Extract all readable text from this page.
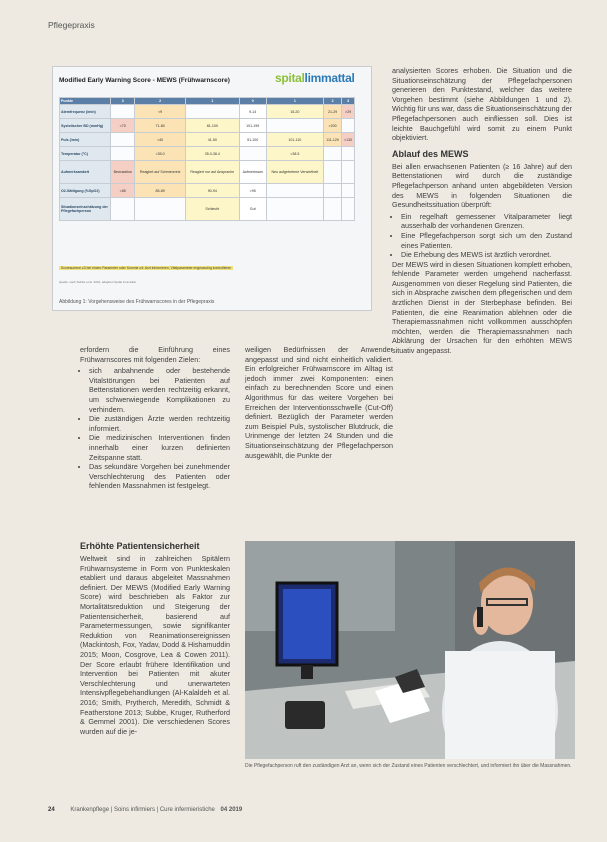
Pflegepraxis
Modified Early Warning Score - MEWS (Frühwarnscore)	spitallimmattal
Punkte	3	2	1	0	1	2	3
Atemfrequenz (/min)		<9		9-14	15-20	21-29	>29
Systolischer BD (mmHg)	<70	71-80	81-100	101-199		>200	
Puls (/min)		<40	41-50	51-100	101-110	111-129	>130
Temperatur (°C)		<35.0	35.0-38.4		>38.5		
Aufmerksamkeit	Bewusstlos	Reagiert auf Schmerzreiz	Reagiert nur auf Ansprache	Aufmerksam	Neu aufgetretene Verwirrtheit		
O2-Sättigung (%SpO2)	<85	85-89	90-94	>95			
Situationseinschätzung der Pflegefachperson			Schlecht	Gut			
Scoresumme ≥3 bei einem Parameter oder Summe ≥4: Arzt informieren, Vitalparameter engmaschig kontrollieren
Quelle: nach Subbe et al. 2001, adaptiert Spital Limmattal
Abbildung 1: Vorgehensweise des Frühwarnscores in der Pflegepraxis

analysierten Scores erhoben. Die Situation und die Situationseinschätzung der Pflegefachpersonen generieren den Punktestand, welcher das weitere Vorgehen bestimmt (siehe Abbildungen 1 und 2). Wichtig für uns war, dass die Situationseinschätzung der Pflegefachpersonen auch einfliessen soll. Dies ist leichte Bauchgefühl wird somit zu einem Punkt objektiviert.

Ablauf des MEWS

Bei allen erwachsenen Patienten (≥ 16 Jahre) auf den Bettenstationen wird durch die zuständige Pflegefachperson anhand unten abgebildeten Version des MEWS in folgenden Situationen die Gesundheitssituation überprüft:

• Ein regelhaft gemessener Vitalparameter liegt ausserhalb der vorhandenen Grenzen.
• Eine Pflegefachperson sorgt sich um den Zustand eines Patienten.
• Die Erhebung des MEWS ist ärztlich verordnet.

Der MEWS wird in diesen Situationen komplett erhoben, fehlende Parameter werden umgehend nacherfasst. Ausgenommen von dieser Regelung sind Patienten, die sich in Absprache zwischen dem pflegerischen und dem ärztlichen Dienst in der Sterbephase befinden. Bei Patienten, die eine Reanimation ablehnen oder die Therapiemassnahmen nicht vollkommen ausschöpfen möchten, werden die Therapiemassnahmen nach Abklärung der Ursachen für den erhöhten MEWS situativ angepasst.

erfordern die Einführung eines Frühwarnscores mit folgenden Zielen:

• sich anbahnende oder bestehende Vitalstörungen bei Patienten auf Bettenstationen werden rechtzeitig erkannt, um schwerwiegende Komplikationen zu verhindern.
• Die zuständigen Ärzte werden rechtzeitig informiert.
• Die medizinischen Interventionen finden innerhalb einer kurzen definierten Zeitspanne statt.
• Das sekundäre Vorgehen bei zunehmender Verschlechterung des Patienten oder fehlenden Massnahmen ist festgelegt.

weiligen Bedürfnissen der Anwender angepasst und sind nicht einheitlich validiert. Ein erfolgreicher Frühwarnscore im Alltag ist jedoch immer zwei Komponenten: einen einfach zu berechnenden Score und einen Algorithmus für das weitere Vorgehen bei Erreichen der Interventionsschwelle (Cut-Off) definiert. Bezüglich der Parameter werden zum Beispiel Puls, systolischer Blutdruck, die Urinmenge der letzten 24 Stunden und die Situationseinschätzung der Pflegefachperson ausgewählt, die Punkte der

Erhöhte Patientensicherheit

Weltweit sind in zahlreichen Spitälern Frühwarnsysteme in Form von Punkteskalen etabliert und daraus abgeleitet Massnahmen definiert. Der MEWS (Modified Early Warning Score) wird beschrieben als Faktor zur Mortalitätsreduktion und Steigerung der Patientensicherheit, basierend auf Parametermessungen, sowie signifikanter Reduktion von Reanimationsereignissen (Mackintosh, Fox, Yadav, Dodd & Hishamuddin 2015; Moon, Cosgrove, Lea & Cowen 2011). Der Score erlaubt frühere Identifikation und Intervention bei Patienten mit akuter Verschlechterung und unerwarteten Intensivpflegebehandlungen (Al-Kalaldeh et al. 2016; Smith, Prytherch, Meredith, Schmidt & Featherstone 2013; Subbe, Kruger, Rutherford & Gemmel 2001). Die verschiedenen Scores wurden auf die je-

Die Pflegefachperson ruft den zuständigen Arzt an, wenn sich der Zustand eines Patienten verschlechtert, und informiert ihn über die Massnahmen.
24	Krankenpflege | Soins infirmiers | Cure infermieristiche 04 2019
